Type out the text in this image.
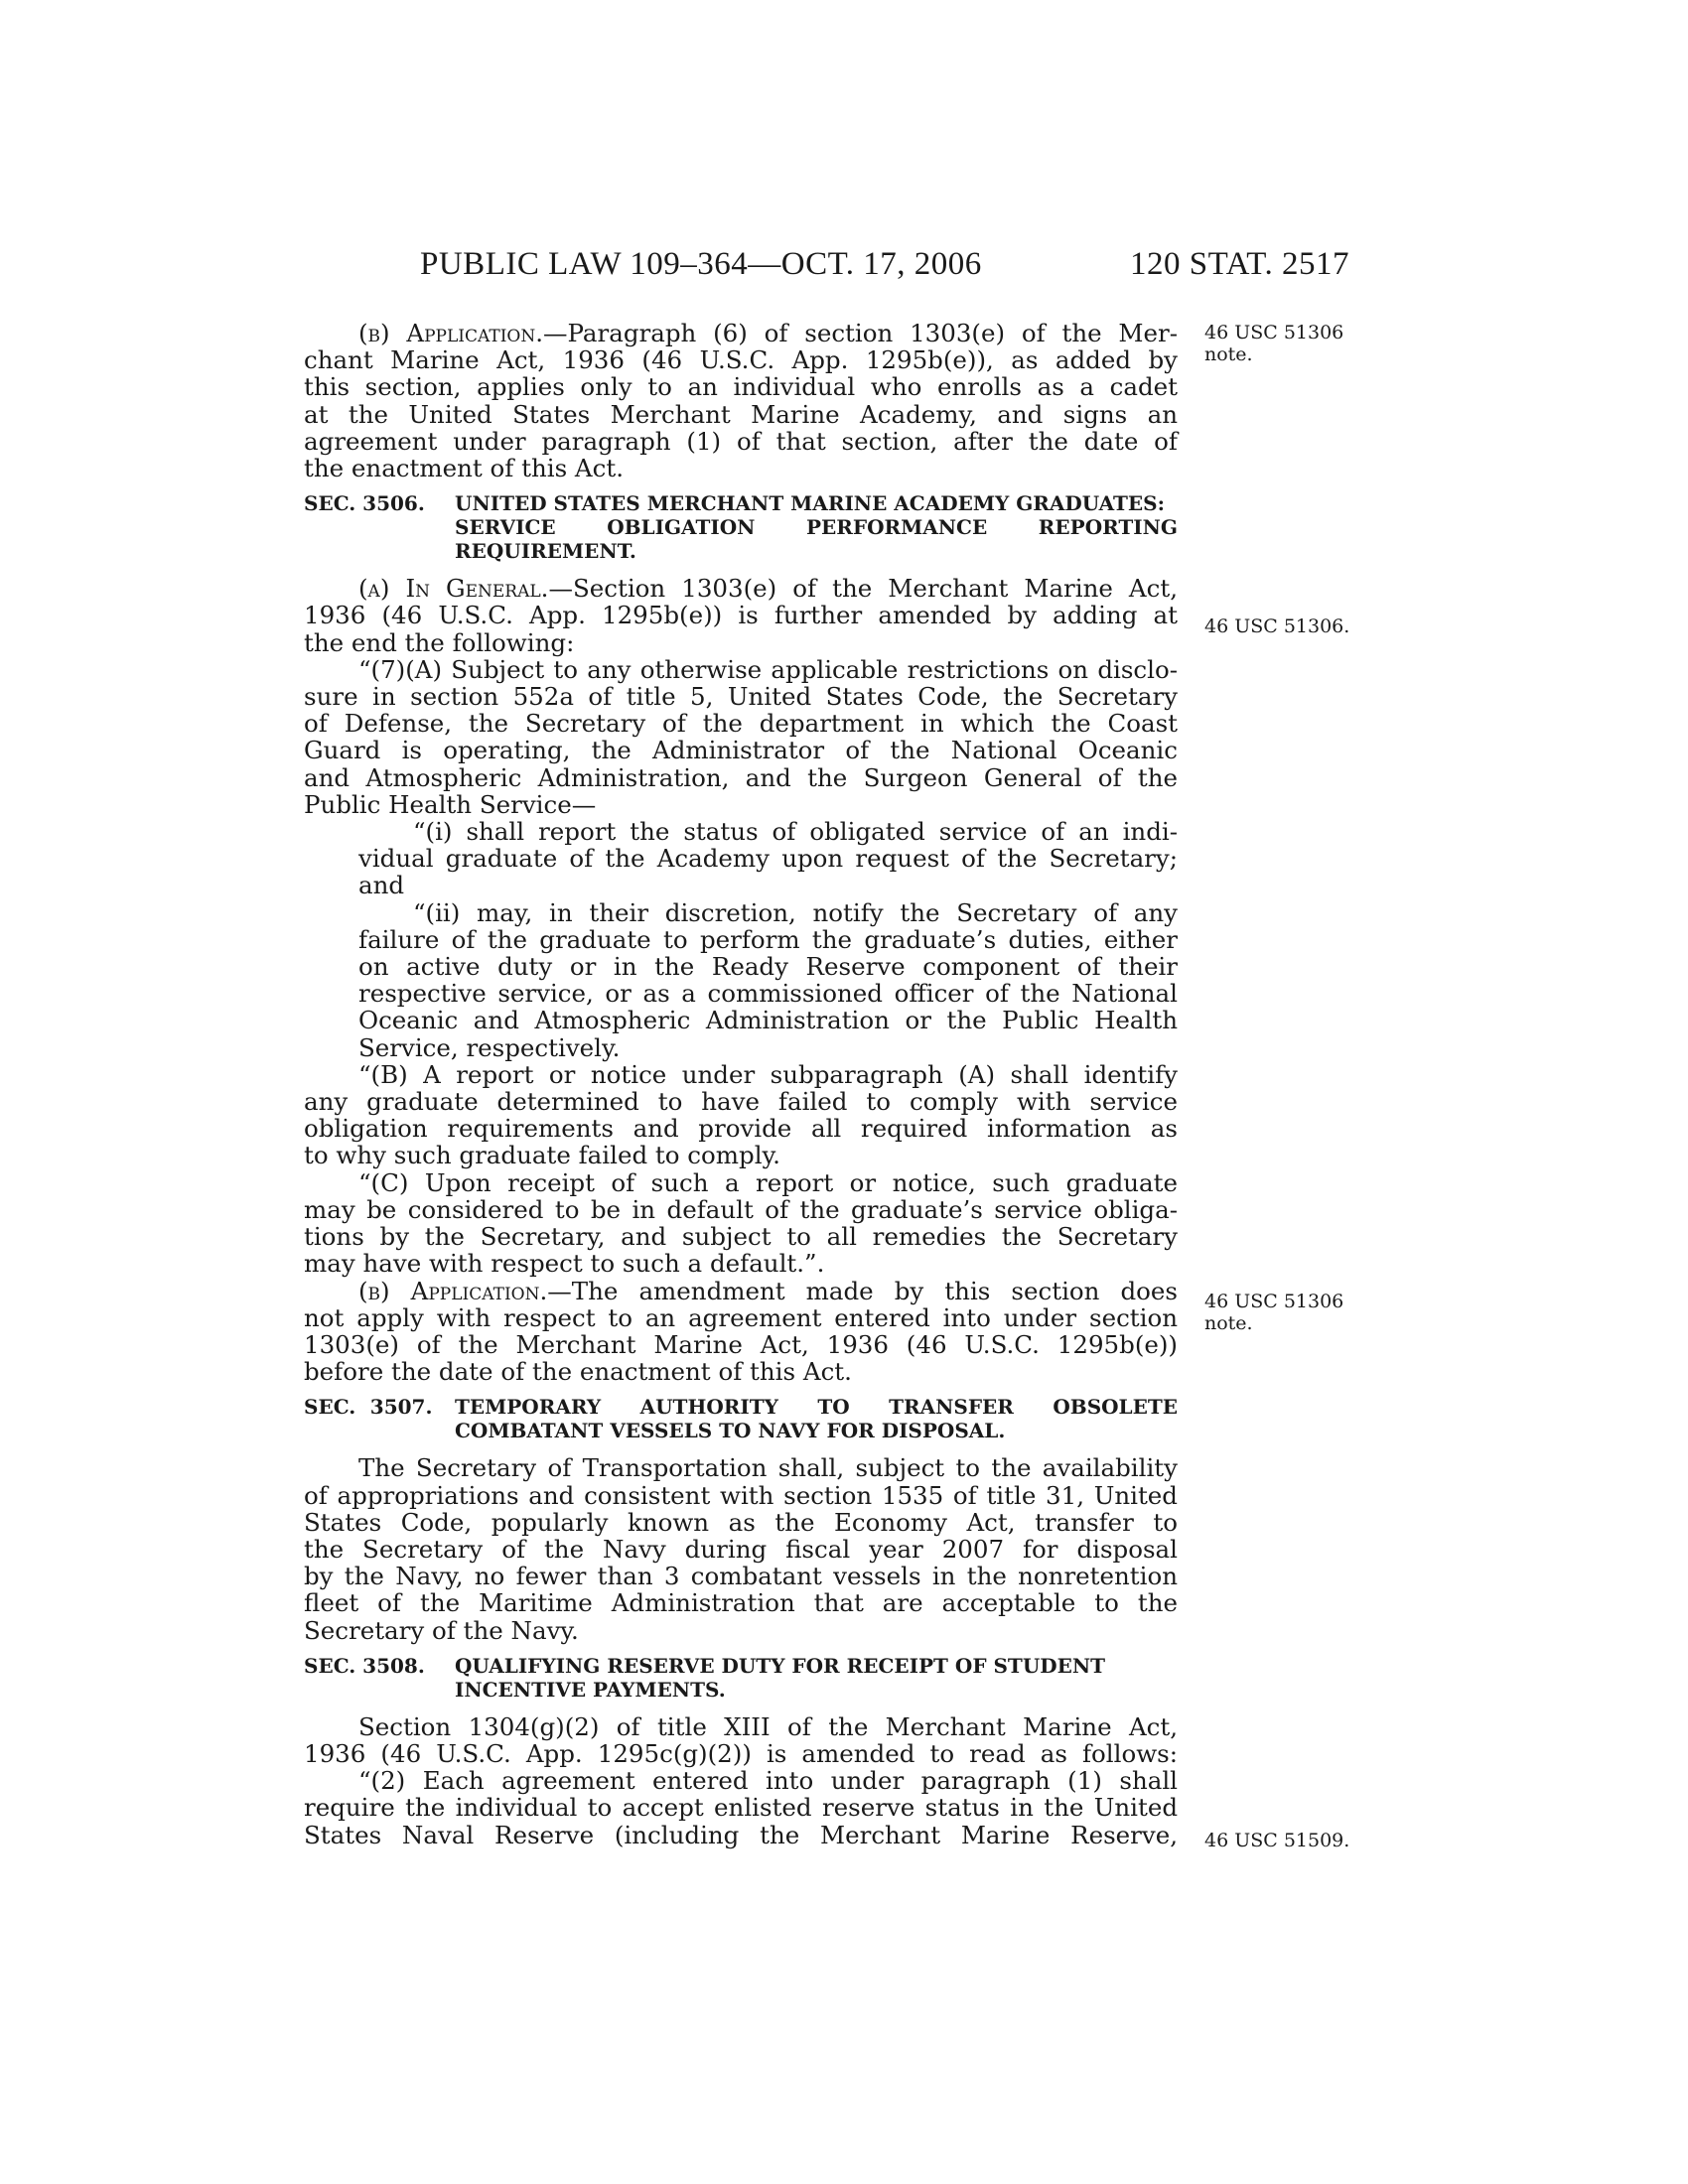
PUBLIC LAW 109–364—OCT. 17, 2006	120 STAT. 2517
46 USC 51306
note.
46 USC 51306.
46 USC 51306
note.
46 USC 51509.

(b) Application.—Paragraph (6) of section 1303(e) of the Mer-
chant Marine Act, 1936 (46 U.S.C. App. 1295b(e)), as added by
this section, applies only to an individual who enrolls as a cadet
at the United States Merchant Marine Academy, and signs an
agreement under paragraph (1) of that section, after the date of
the enactment of this Act.

SEC. 3506.	UNITED STATES MERCHANT MARINE ACADEMY GRADUATES:
SERVICE OBLIGATION PERFORMANCE REPORTING
REQUIREMENT.

(a) In General.—Section 1303(e) of the Merchant Marine Act,
1936 (46 U.S.C. App. 1295b(e)) is further amended by adding at
the end the following:

“(7)(A) Subject to any otherwise applicable restrictions on disclo-
sure in section 552a of title 5, United States Code, the Secretary
of Defense, the Secretary of the department in which the Coast
Guard is operating, the Administrator of the National Oceanic
and Atmospheric Administration, and the Surgeon General of the
Public Health Service—

“(i) shall report the status of obligated service of an indi-
vidual graduate of the Academy upon request of the Secretary;
and

“(ii) may, in their discretion, notify the Secretary of any
failure of the graduate to perform the graduate’s duties, either
on active duty or in the Ready Reserve component of their
respective service, or as a commissioned officer of the National
Oceanic and Atmospheric Administration or the Public Health
Service, respectively.

“(B) A report or notice under subparagraph (A) shall identify
any graduate determined to have failed to comply with service
obligation requirements and provide all required information as
to why such graduate failed to comply.

“(C) Upon receipt of such a report or notice, such graduate
may be considered to be in default of the graduate’s service obliga-
tions by the Secretary, and subject to all remedies the Secretary
may have with respect to such a default.”.

(b) Application.—The amendment made by this section does
not apply with respect to an agreement entered into under section
1303(e) of the Merchant Marine Act, 1936 (46 U.S.C. 1295b(e))
before the date of the enactment of this Act.

SEC. 3507.	TEMPORARY AUTHORITY TO TRANSFER OBSOLETE
COMBATANT VESSELS TO NAVY FOR DISPOSAL.

The Secretary of Transportation shall, subject to the availability
of appropriations and consistent with section 1535 of title 31, United
States Code, popularly known as the Economy Act, transfer to
the Secretary of the Navy during fiscal year 2007 for disposal
by the Navy, no fewer than 3 combatant vessels in the nonretention
fleet of the Maritime Administration that are acceptable to the
Secretary of the Navy.

SEC. 3508.	QUALIFYING RESERVE DUTY FOR RECEIPT OF STUDENT
INCENTIVE PAYMENTS.

Section 1304(g)(2) of title XIII of the Merchant Marine Act,
1936 (46 U.S.C. App. 1295c(g)(2)) is amended to read as follows:

“(2) Each agreement entered into under paragraph (1) shall
require the individual to accept enlisted reserve status in the United
States Naval Reserve (including the Merchant Marine Reserve,
